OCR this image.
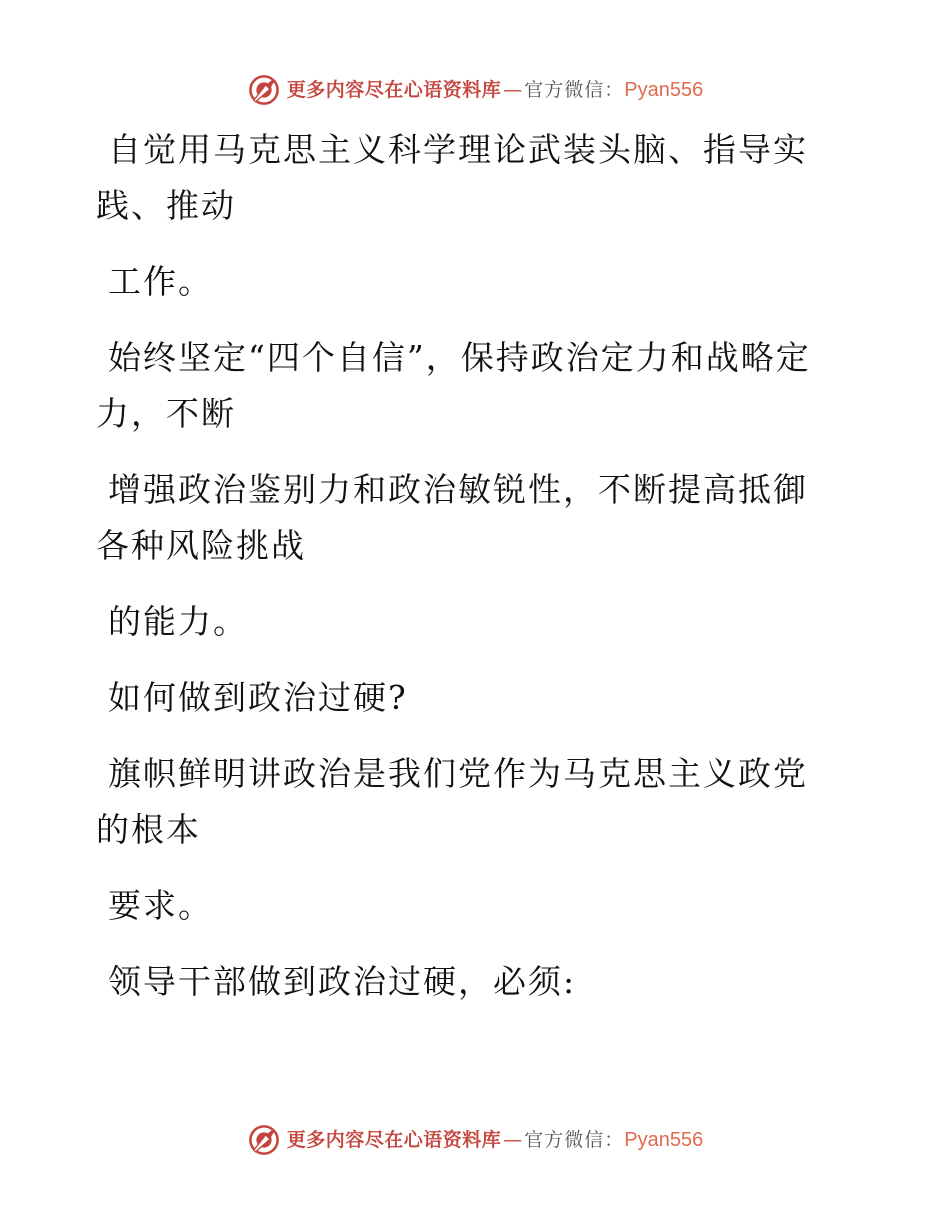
更多内容尽在心语资料库 — 官方微信： Pyan556

自觉用马克思主义科学理论武装头脑、指导实践、推动

工作。

始终坚定“四个自信”，保持政治定力和战略定力，不断

增强政治鉴别力和政治敏锐性，不断提高抵御各种风险挑战

的能力。

如何做到政治过硬?

旗帜鲜明讲政治是我们党作为马克思主义政党的根本

要求。

领导干部做到政治过硬，必须:

更多内容尽在心语资料库 — 官方微信： Pyan556
